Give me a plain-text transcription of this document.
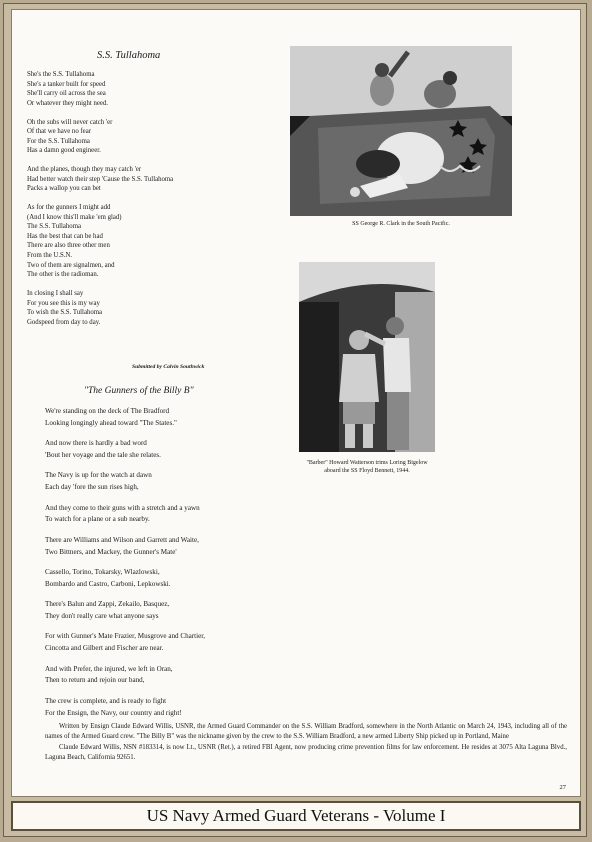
S.S. Tullahoma
She's the S.S. Tullahoma
She's a tanker built for speed
She'll carry oil across the sea
Or whatever they might need.
Oh the subs will never catch 'er
Of that we have no fear
For the S.S. Tullahoma
Has a damn good engineer.
And the planes, though they may catch 'er
Had better watch their step 'Cause the S.S. Tullahoma
Packs a wallop you can bet
As for the gunners I might add
(And I know this'll make 'em glad)
The S.S. Tullahoma
Has the best that can be had
There are also three other men
From the U.S.N.
Two of them are signalmen, and
The other is the radioman.
In closing I shall say
For you see this is my way
To wish the S.S. Tullahoma
Godspeed from day to day.
Submitted by Calvin Southwick
"The Gunners of the Billy B"
We're standing on the deck of The Bradford
Looking longingly ahead toward "The States."
And now there is hardly a bad word
'Bout her voyage and the tale she relates.
The Navy is up for the watch at dawn
Each day 'fore the sun rises high,
And they come to their guns with a stretch and a yawn
To watch for a plane or a sub nearby.
There are Williams and Wilson and Garrett and Waite,
Two Bittners, and Mackey, the Gunner's Mate'
Cassello, Torino, Tokarsky, Wlazlowski,
Bombardo and Castro, Carboni, Lepkowski.
There's Balun and Zappi, Zekailo, Basquez,
They don't really care what anyone says
For with Gunner's Mate Frazier, Musgrove and Chartier,
Cincotta and Gilbert and Fischer are near.
And with Prefer, the injured, we left in Oran,
Then to return and rejoin our band,
The crew is complete, and is ready to fight
For the Ensign, the Navy, our country and right!

Written by Ensign Claude Edward Willis, USNR, the Armed Guard Commander on the S.S. William Bradford, somewhere in the North Atlantic on March 24, 1943, including all of the names of the Armed Guard crew. "The Billy B" was the nickname given by the crew to the S.S. William Bradford, a new armed Liberty Ship picked up in Portland, Maine

Claude Edward Willis, NSN #183314, is now Lt., USNR (Ret.), a retired FBI Agent, now producing crime prevention films for law enforcement. He resides at 3075 Alta Laguna Blvd., Laguna Beach, California 92651.

27
SS George R. Clark in the South Pacific.
"Barber" Howard Watterson trims Loring Bigelow aboard the SS Floyd Bennett, 1944.
US Navy Armed Guard Veterans - Volume I
